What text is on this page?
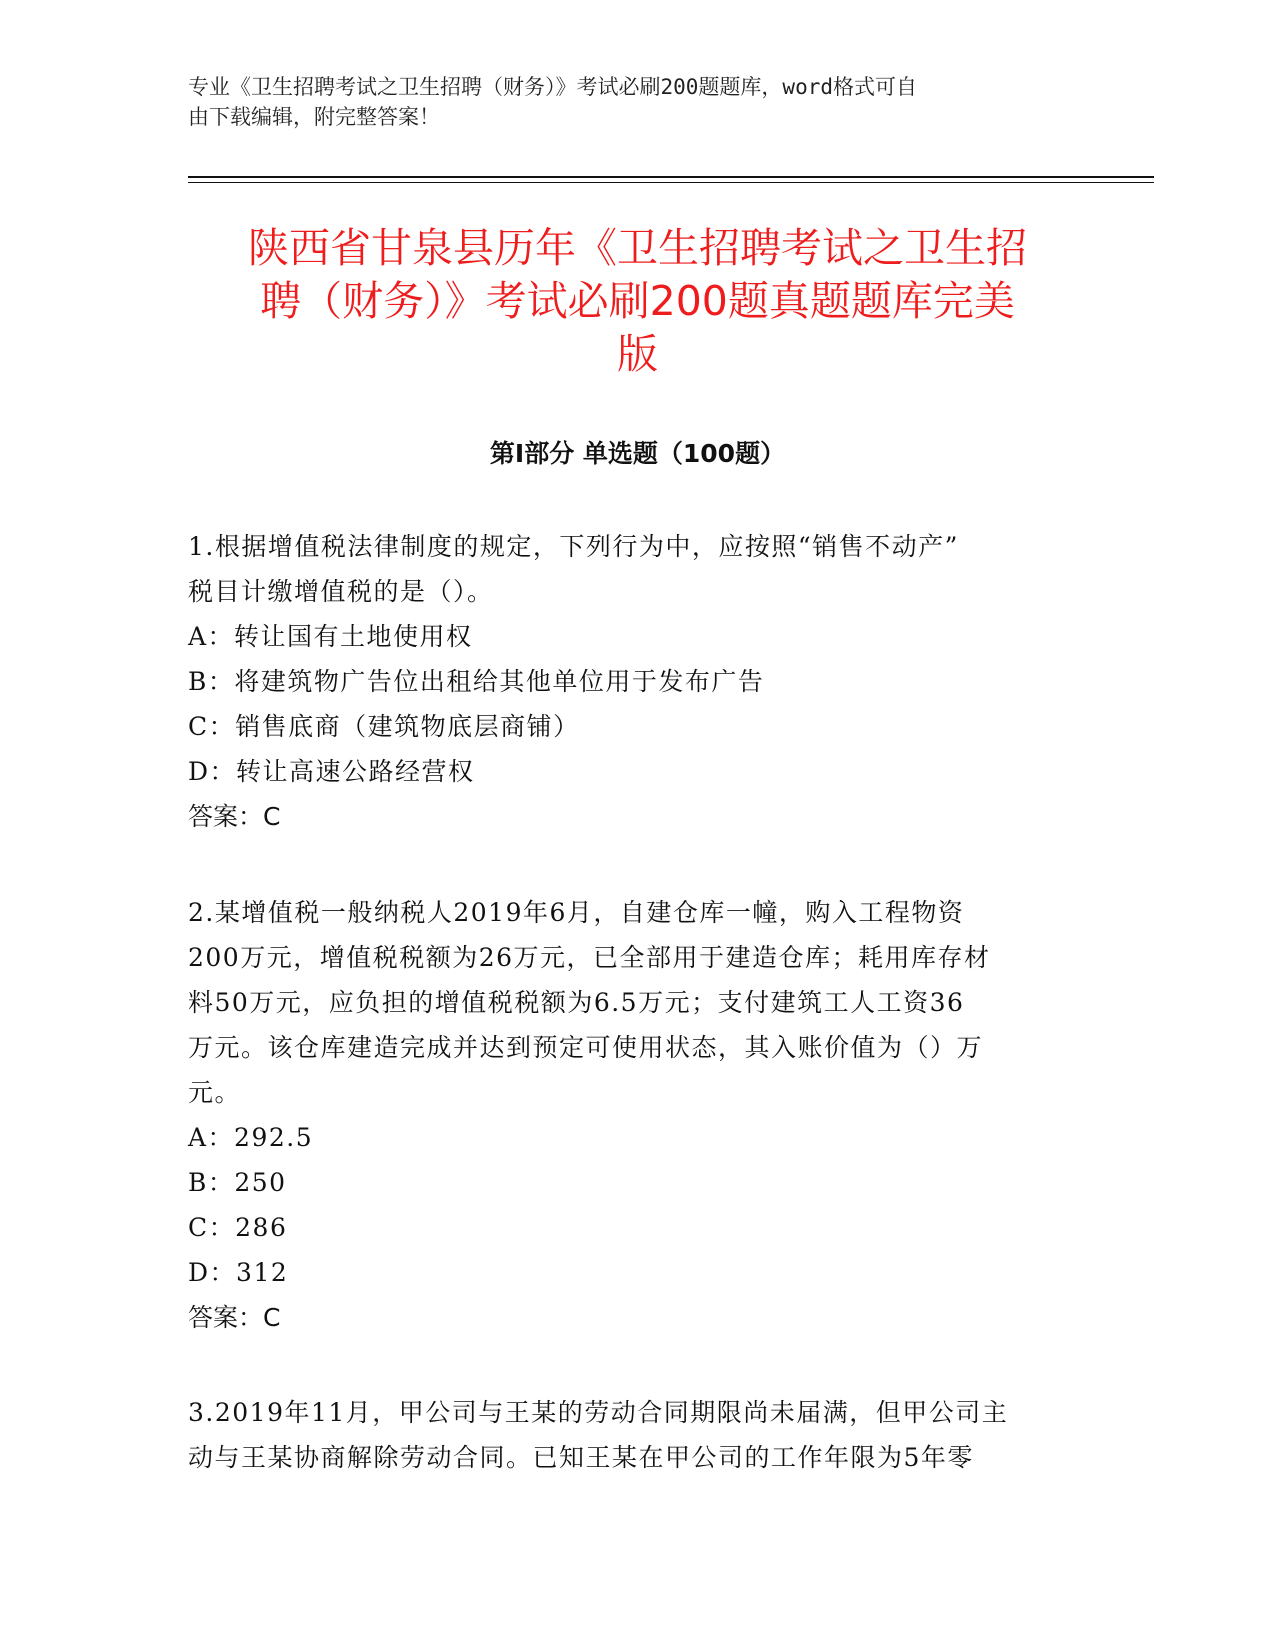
专业《卫生招聘考试之卫生招聘（财务）》考试必刷200题题库，word格式可自

由下载编辑，附完整答案！

陕西省甘泉县历年《卫生招聘考试之卫生招
聘（财务）》考试必刷200题真题题库完美
版
第Ⅰ部分 单选题（100题）

1.根据增值税法律制度的规定，下列行为中，应按照“销售不动产”

税目计缴增值税的是（）。

A：转让国有土地使用权

B：将建筑物广告位出租给其他单位用于发布广告

C：销售底商（建筑物底层商铺）

D：转让高速公路经营权

答案：C

2.某增值税一般纳税人2019年6月，自建仓库一幢，购入工程物资

200万元，增值税税额为26万元，已全部用于建造仓库；耗用库存材

料50万元，应负担的增值税税额为6.5万元；支付建筑工人工资36

万元。该仓库建造完成并达到预定可使用状态，其入账价值为（）万

元。

A：292.5

B：250

C：286

D：312

答案：C

3.2019年11月，甲公司与王某的劳动合同期限尚未届满，但甲公司主

动与王某协商解除劳动合同。已知王某在甲公司的工作年限为5年零
